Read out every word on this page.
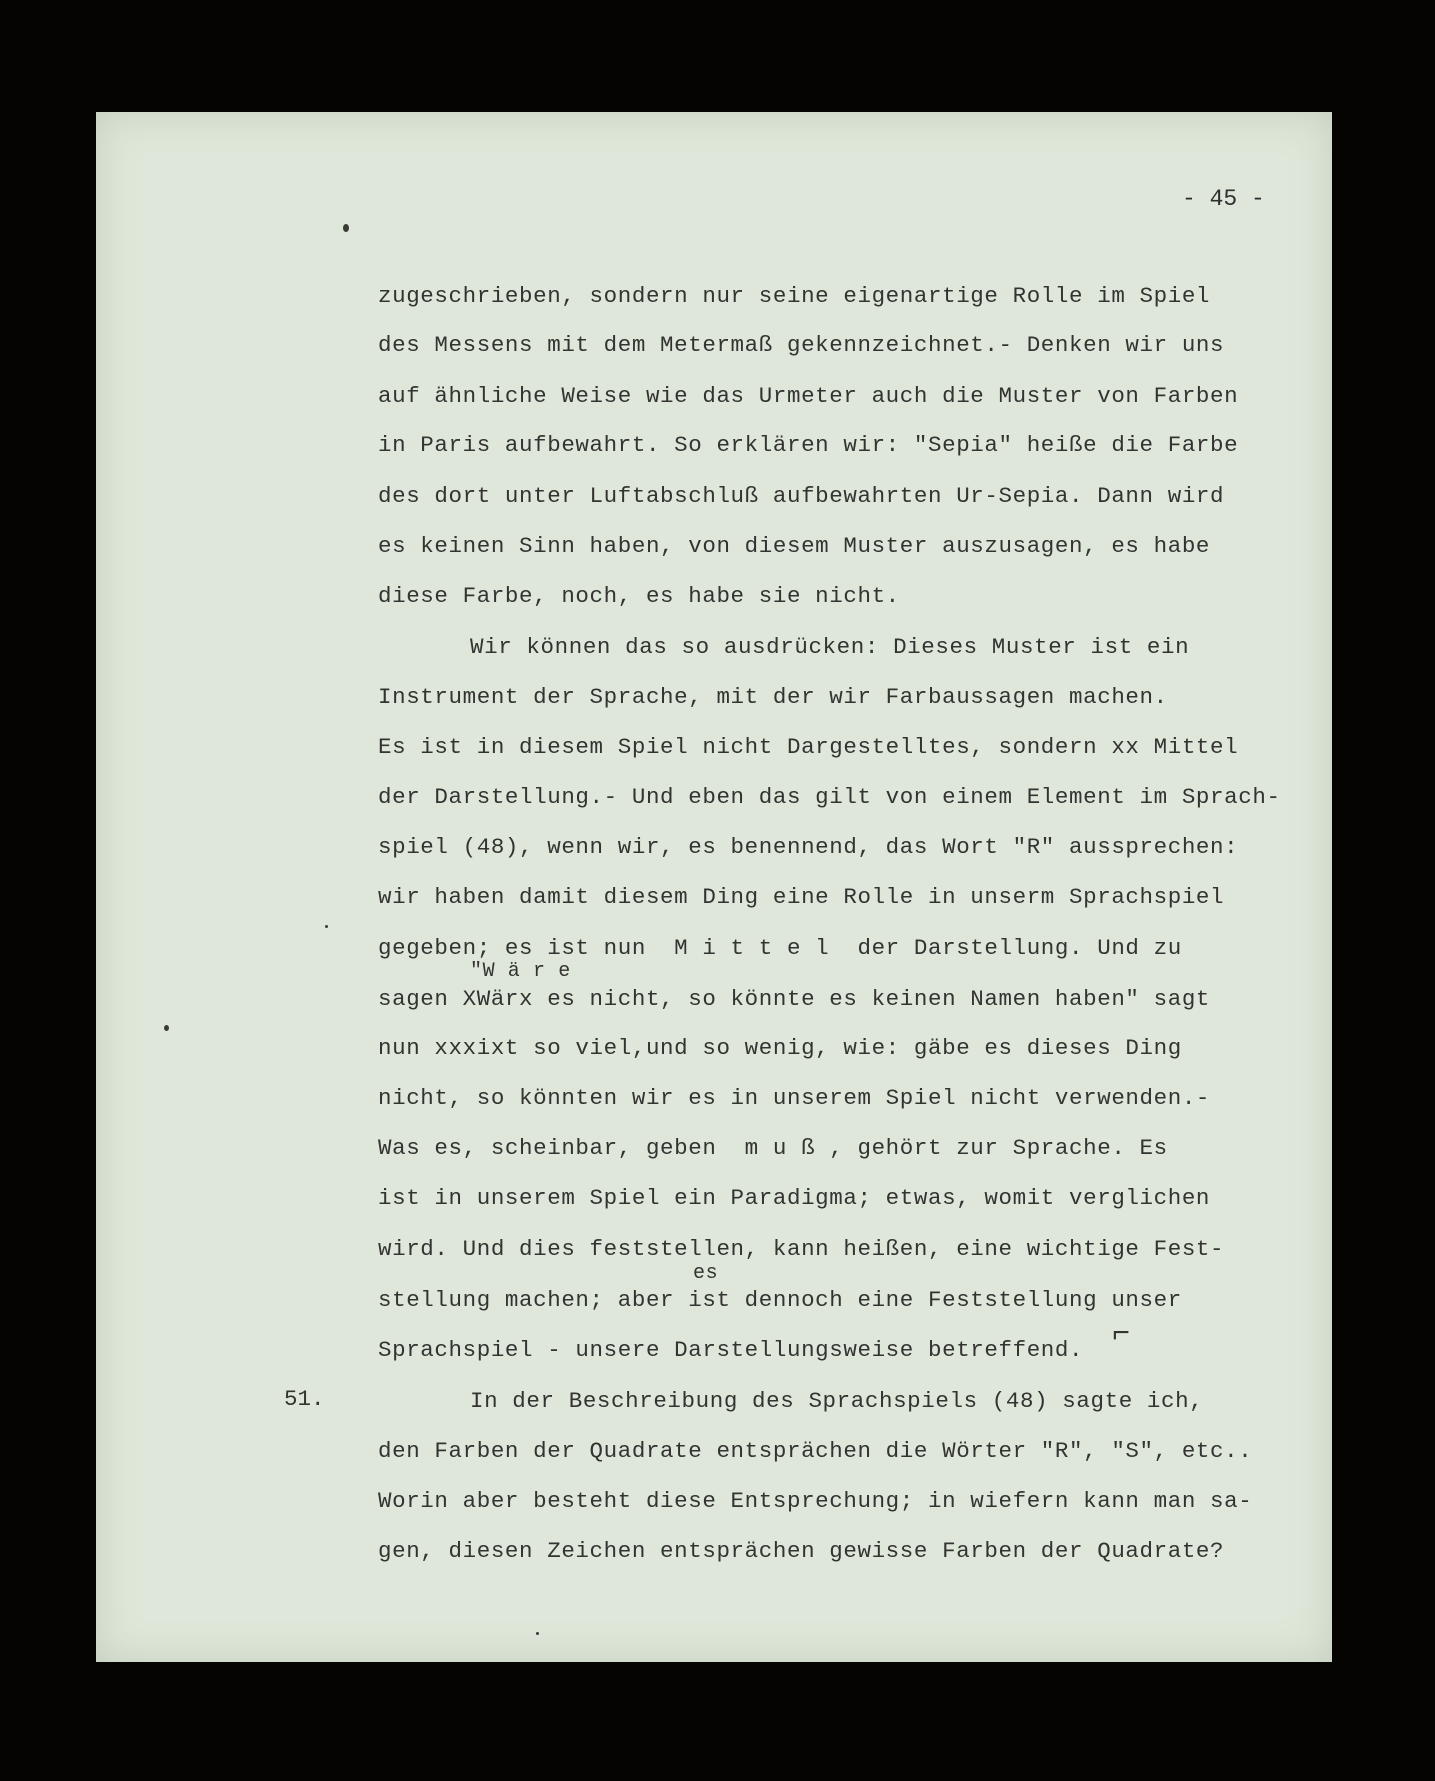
- 45 -
zugeschrieben, sondern nur seine eigenartige Rolle im Spiel
des Messens mit dem Metermaß gekennzeichnet.- Denken wir uns
auf ähnliche Weise wie das Urmeter auch die Muster von Farben
in Paris aufbewahrt. So erklären wir: "Sepia" heiße die Farbe
des dort unter Luftabschluß aufbewahrten Ur-Sepia. Dann wird
es keinen Sinn haben, von diesem Muster auszusagen, es habe
diese Farbe, noch, es habe sie nicht.
Wir können das so ausdrücken: Dieses Muster ist ein
Instrument der Sprache, mit der wir Farbaussagen machen.
Es ist in diesem Spiel nicht Dargestelltes, sondern xx Mittel
der Darstellung.- Und eben das gilt von einem Element im Sprach-
spiel (48), wenn wir, es benennend, das Wort "R" aussprechen:
wir haben damit diesem Ding eine Rolle in unserm Sprachspiel
gegeben; es ist nun  M i t t e l  der Darstellung. Und zu
"W ä r e
sagen XWärx es nicht, so könnte es keinen Namen haben" sagt
nun xxxixt so viel,und so wenig, wie: gäbe es dieses Ding
nicht, so könnten wir es in unserem Spiel nicht verwenden.-
Was es, scheinbar, geben  m u ß , gehört zur Sprache. Es
ist in unserem Spiel ein Paradigma; etwas, womit verglichen
wird. Und dies feststellen, kann heißen, eine wichtige Fest-
es
stellung machen; aber ist dennoch eine Feststellung unser
Sprachspiel - unsere Darstellungsweise betreffend.
51.	In der Beschreibung des Sprachspiels (48) sagte ich,
den Farben der Quadrate entsprächen die Wörter "R", "S", etc..
Worin aber besteht diese Entsprechung; in wiefern kann man sa-
gen, diesen Zeichen entsprächen gewisse Farben der Quadrate?
⌐
